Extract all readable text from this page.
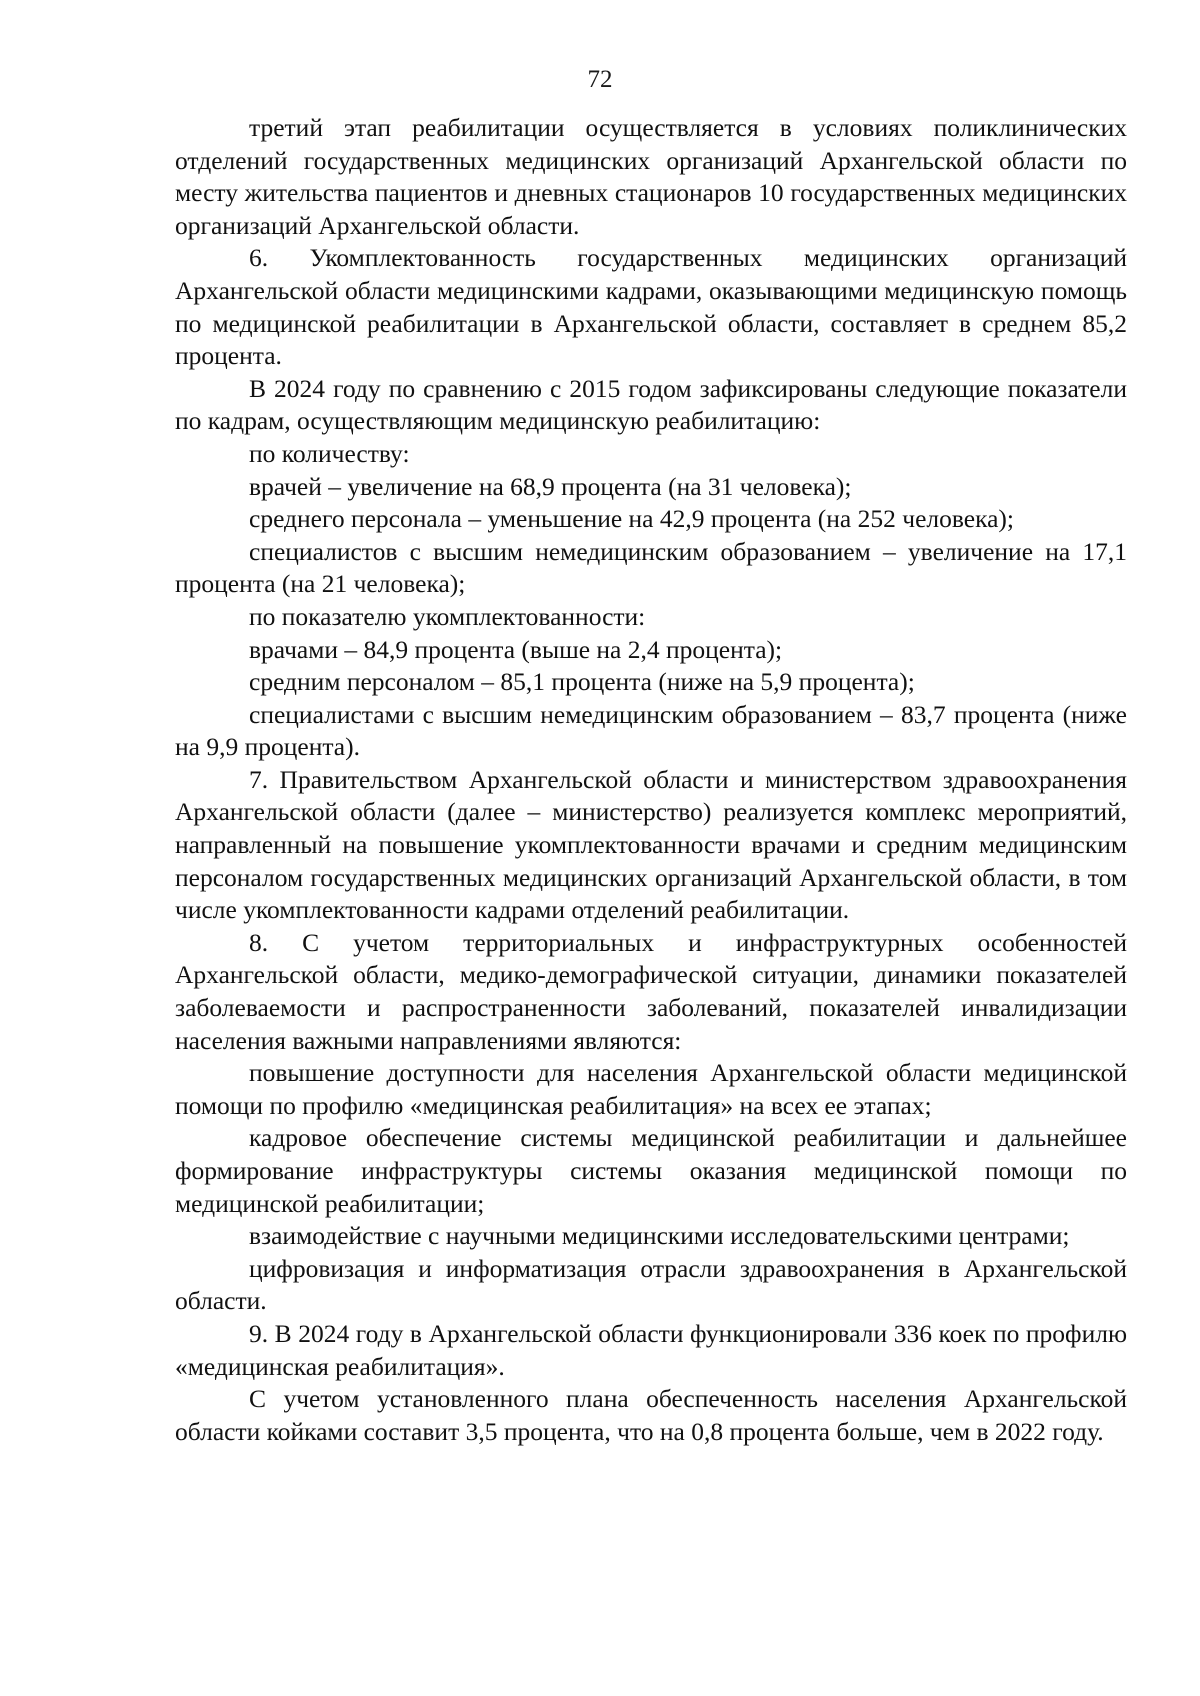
72

третий этап реабилитации осуществляется в условиях поликлинических отделений государственных медицинских организаций Архангельской области по месту жительства пациентов и дневных стационаров 10 государственных медицинских организаций Архангельской области.

6. Укомплектованность государственных медицинских организаций Архангельской области медицинскими кадрами, оказывающими медицинскую помощь по медицинской реабилитации в Архангельской области, составляет в среднем 85,2 процента.

В 2024 году по сравнению с 2015 годом зафиксированы следующие показатели по кадрам, осуществляющим медицинскую реабилитацию:

по количеству:

врачей – увеличение на 68,9 процента (на 31 человека);

среднего персонала – уменьшение на 42,9 процента (на 252 человека);

специалистов с высшим немедицинским образованием – увеличение на 17,1 процента (на 21 человека);

по показателю укомплектованности:

врачами – 84,9 процента (выше на 2,4 процента);

средним персоналом – 85,1 процента (ниже на 5,9 процента);

специалистами с высшим немедицинским образованием – 83,7 процента (ниже на 9,9 процента).

7. Правительством Архангельской области и министерством здравоохранения Архангельской области (далее – министерство) реализуется комплекс мероприятий, направленный на повышение укомплектованности врачами и средним медицинским персоналом государственных медицинских организаций Архангельской области, в том числе укомплектованности кадрами отделений реабилитации.

8. С учетом территориальных и инфраструктурных особенностей Архангельской области, медико-демографической ситуации, динамики показателей заболеваемости и распространенности заболеваний, показателей инвалидизации населения важными направлениями являются:

повышение доступности для населения Архангельской области медицинской помощи по профилю «медицинская реабилитация» на всех ее этапах;

кадровое обеспечение системы медицинской реабилитации и дальнейшее формирование инфраструктуры системы оказания медицинской помощи по медицинской реабилитации;

взаимодействие с научными медицинскими исследовательскими центрами;

цифровизация и информатизация отрасли здравоохранения в Архангельской области.

9. В 2024 году в Архангельской области функционировали 336 коек по профилю «медицинская реабилитация».

С учетом установленного плана обеспеченность населения Архангельской области койками составит 3,5 процента, что на 0,8 процента больше, чем в 2022 году.
